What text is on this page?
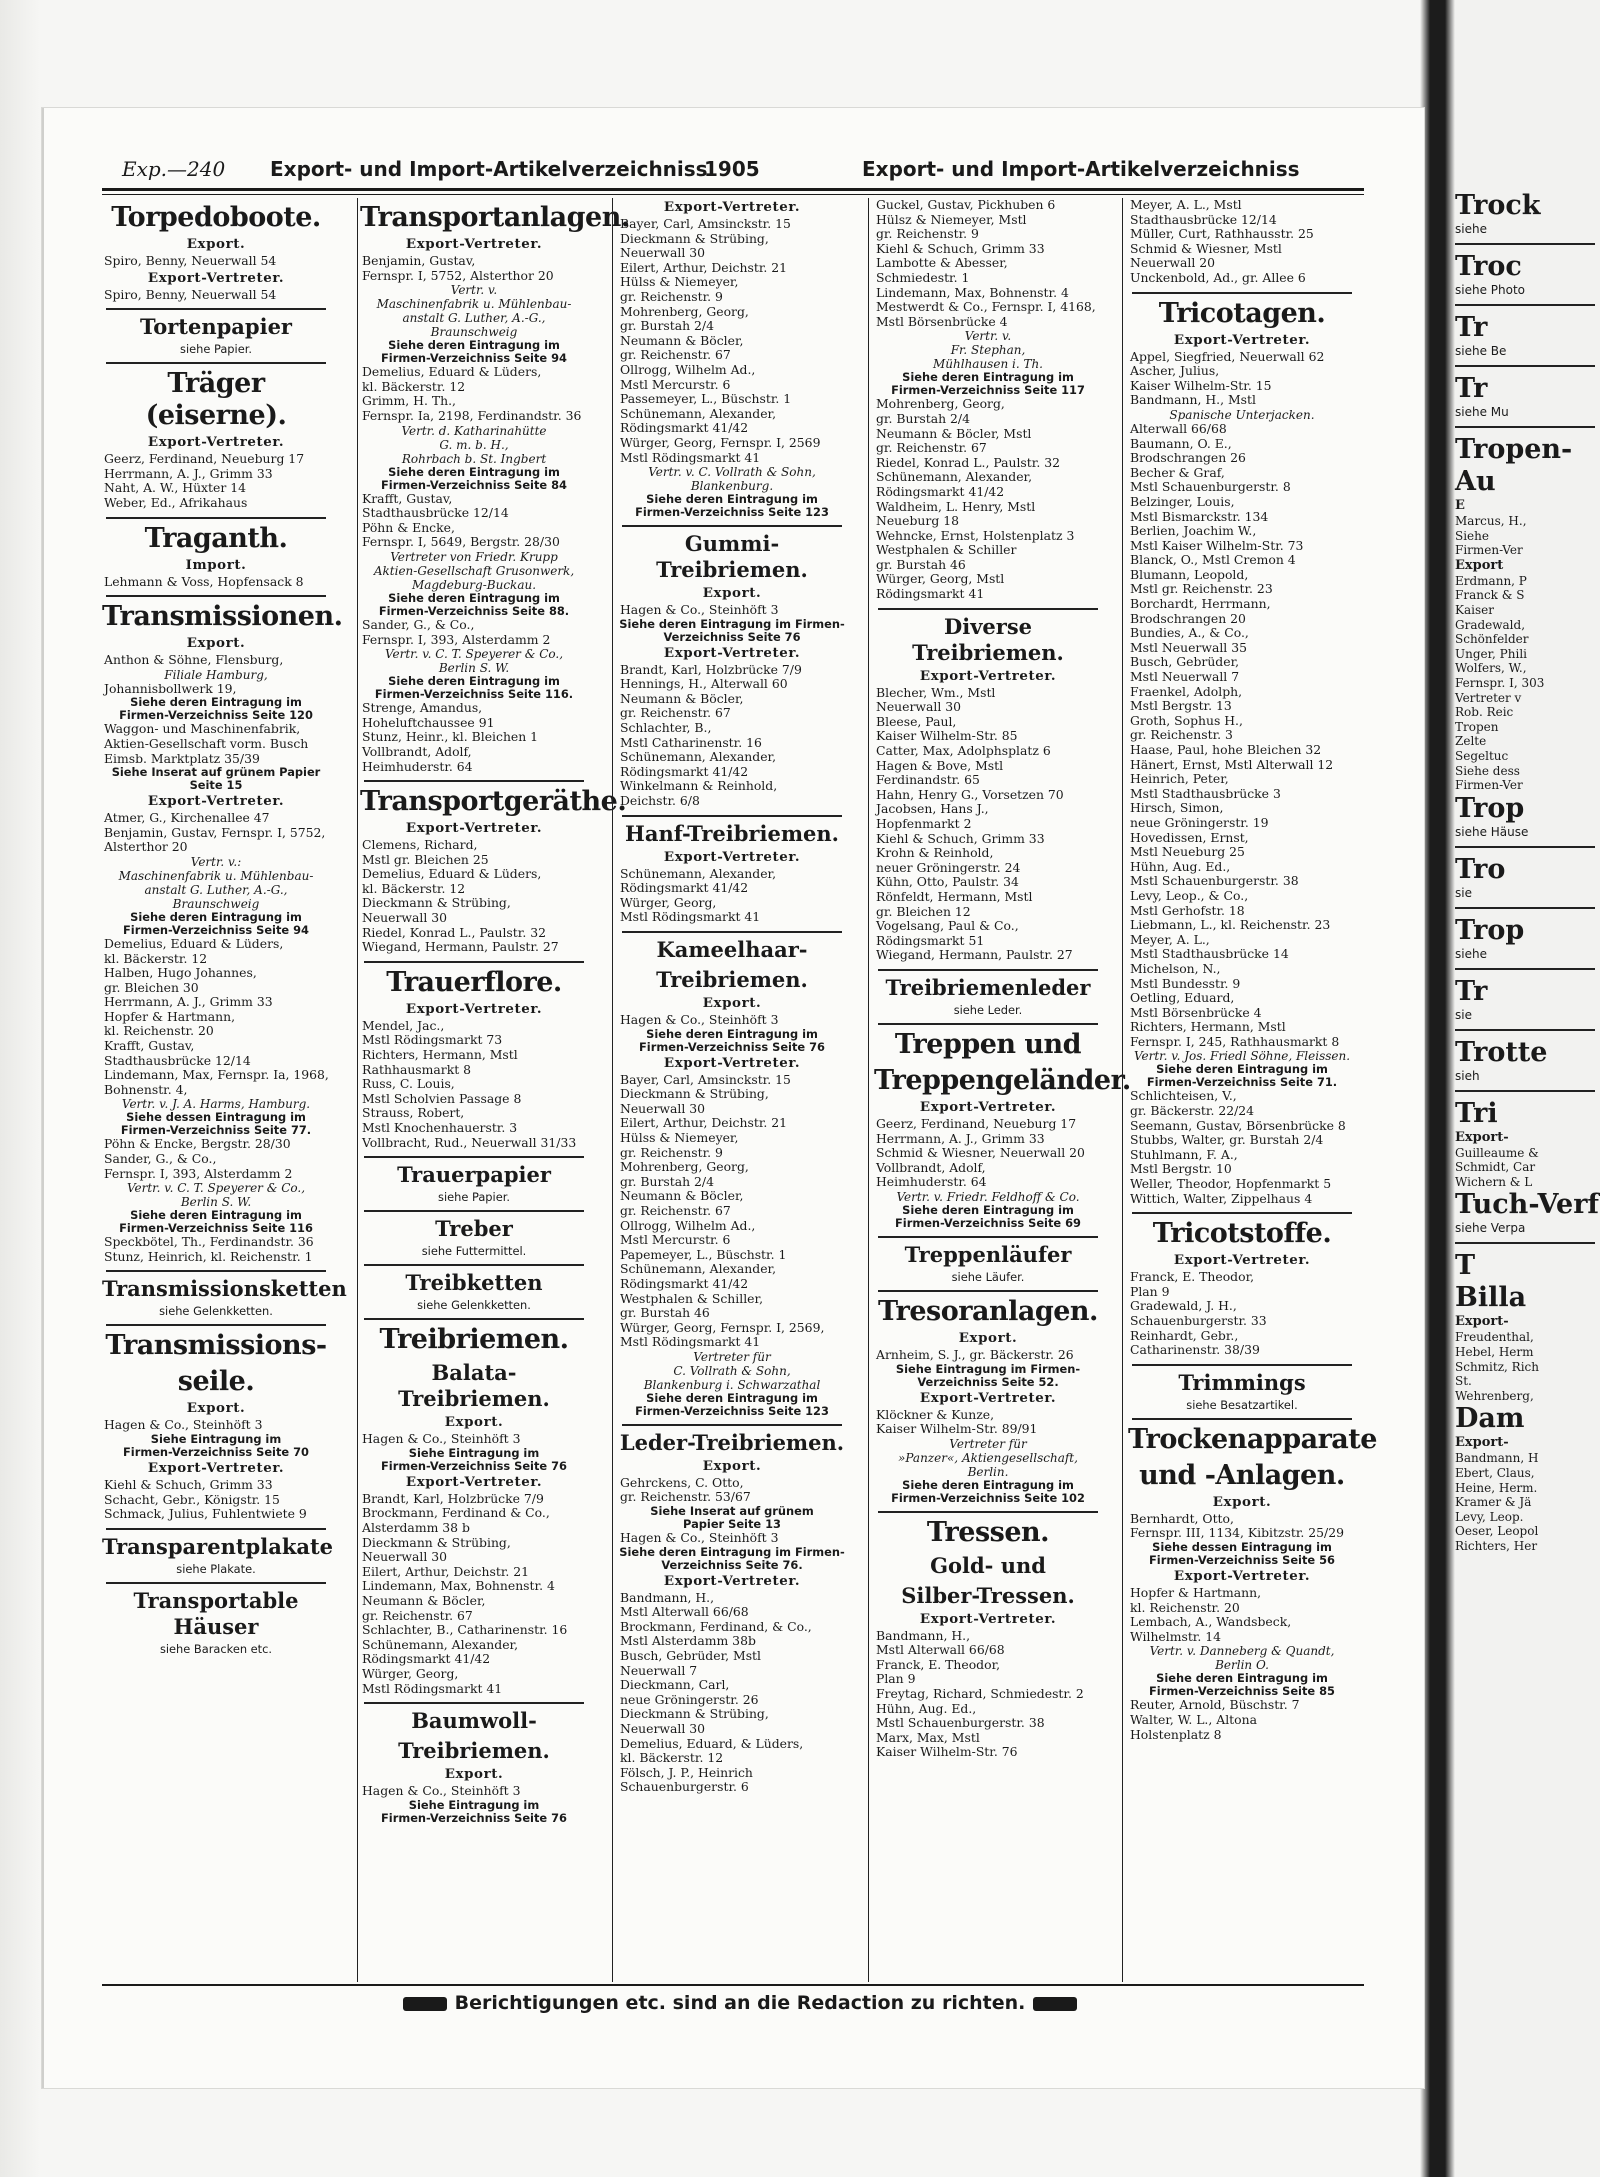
Exp.—240 Export- und Import-Artikelverzeichniss
1905	Export- und Import-Artikelverzeichniss
Torpedoboote.
Export.
Spiro, Benny, Neuerwall 54
Export-Vertreter.
Spiro, Benny, Neuerwall 54
Tortenpapier
siehe Papier.
Träger (eiserne).
Export-Vertreter.
Geerz, Ferdinand, Neueburg 17
Herrmann, A. J., Grimm 33
Naht, A. W., Hüxter 14
Weber, Ed., Afrikahaus
Traganth.
Import.
Lehmann & Voss, Hopfensack 8
Transmissionen.
Export.
Anthon & Söhne, Flensburg,
Filiale Hamburg,
Johannisbollwerk 19,
Siehe deren Eintragung im
Firmen-Verzeichniss Seite 120
Waggon- und Maschinenfabrik,
Aktien-Gesellschaft vorm. Busch
Eimsb. Marktplatz 35/39
Siehe Inserat auf grünem Papier
Seite 15
Export-Vertreter.
Atmer, G., Kirchenallee 47
Benjamin, Gustav, Fernspr. I, 5752,
Alsterthor 20
Vertr. v.:
Maschinenfabrik u. Mühlenbau-
anstalt G. Luther, A.-G.,
Braunschweig
Siehe deren Eintragung im
Firmen-Verzeichniss Seite 94
Demelius, Eduard & Lüders,
kl. Bäckerstr. 12
Halben, Hugo Johannes,
gr. Bleichen 30
Herrmann, A. J., Grimm 33
Hopfer & Hartmann,
kl. Reichenstr. 20
Krafft, Gustav,
Stadthausbrücke 12/14
Lindemann, Max, Fernspr. Ia, 1968,
Bohnenstr. 4,
Vertr. v. J. A. Harms, Hamburg.
Siehe dessen Eintragung im
Firmen-Verzeichniss Seite 77.
Pöhn & Encke, Bergstr. 28/30
Sander, G., & Co.,
Fernspr. I, 393, Alsterdamm 2
Vertr. v. C. T. Speyerer & Co.,
Berlin S. W.
Siehe deren Eintragung im
Firmen-Verzeichniss Seite 116
Speckbötel, Th., Ferdinandstr. 36
Stunz, Heinrich, kl. Reichenstr. 1
Transmissionsketten
siehe Gelenkketten.
Transmissions-
seile.
Export.
Hagen & Co., Steinhöft 3
Siehe Eintragung im
Firmen-Verzeichniss Seite 70
Export-Vertreter.
Kiehl & Schuch, Grimm 33
Schacht, Gebr., Königstr. 15
Schmack, Julius, Fuhlentwiete 9
Transparentplakate
siehe Plakate.
Transportable Häuser
siehe Baracken etc.
Transportanlagen.
Export-Vertreter.
Benjamin, Gustav,
Fernspr. I, 5752, Alsterthor 20
Vertr. v.
Maschinenfabrik u. Mühlenbau-
anstalt G. Luther, A.-G.,
Braunschweig
Siehe deren Eintragung im
Firmen-Verzeichniss Seite 94
Demelius, Eduard & Lüders,
kl. Bäckerstr. 12
Grimm, H. Th.,
Fernspr. Ia, 2198, Ferdinandstr. 36
Vertr. d. Katharinahütte
G. m. b. H.,
Rohrbach b. St. Ingbert
Siehe deren Eintragung im
Firmen-Verzeichniss Seite 84
Krafft, Gustav,
Stadthausbrücke 12/14
Pöhn & Encke,
Fernspr. I, 5649, Bergstr. 28/30
Vertreter von Friedr. Krupp
Aktien-Gesellschaft Grusonwerk,
Magdeburg-Buckau.
Siehe deren Eintragung im
Firmen-Verzeichniss Seite 88.
Sander, G., & Co.,
Fernspr. I, 393, Alsterdamm 2
Vertr. v. C. T. Speyerer & Co.,
Berlin S. W.
Siehe deren Eintragung im
Firmen-Verzeichniss Seite 116.
Strenge, Amandus,
Hoheluftchaussee 91
Stunz, Heinr., kl. Bleichen 1
Vollbrandt, Adolf,
Heimhuderstr. 64
Transportgeräthe.
Export-Vertreter.
Clemens, Richard,
Mstl gr. Bleichen 25
Demelius, Eduard & Lüders,
kl. Bäckerstr. 12
Dieckmann & Strübing,
Neuerwall 30
Riedel, Konrad L., Paulstr. 32
Wiegand, Hermann, Paulstr. 27
Trauerflore.
Export-Vertreter.
Mendel, Jac.,
Mstl Rödingsmarkt 73
Richters, Hermann, Mstl
Rathhausmarkt 8
Russ, C. Louis,
Mstl Scholvien Passage 8
Strauss, Robert,
Mstl Knochenhauerstr. 3
Vollbracht, Rud., Neuerwall 31/33
Trauerpapier
siehe Papier.
Treber
siehe Futtermittel.
Treibketten
siehe Gelenkketten.
Treibriemen.
Balata-Treibriemen.
Export.
Hagen & Co., Steinhöft 3
Siehe Eintragung im
Firmen-Verzeichniss Seite 76
Export-Vertreter.
Brandt, Karl, Holzbrücke 7/9
Brockmann, Ferdinand & Co.,
Alsterdamm 38 b
Dieckmann & Strübing,
Neuerwall 30
Eilert, Arthur, Deichstr. 21
Lindemann, Max, Bohnenstr. 4
Neumann & Böcler,
gr. Reichenstr. 67
Schlachter, B., Catharinenstr. 16
Schünemann, Alexander,
Rödingsmarkt 41/42
Würger, Georg,
Mstl Rödingsmarkt 41
Baumwoll-
Treibriemen.
Export.
Hagen & Co., Steinhöft 3
Siehe Eintragung im
Firmen-Verzeichniss Seite 76
Export-Vertreter.
Bayer, Carl, Amsinckstr. 15
Dieckmann & Strübing,
Neuerwall 30
Eilert, Arthur, Deichstr. 21
Hülss & Niemeyer,
gr. Reichenstr. 9
Mohrenberg, Georg,
gr. Burstah 2/4
Neumann & Böcler,
gr. Reichenstr. 67
Ollrogg, Wilhelm Ad.,
Mstl Mercurstr. 6
Passemeyer, L., Büschstr. 1
Schünemann, Alexander,
Rödingsmarkt 41/42
Würger, Georg, Fernspr. I, 2569
Mstl Rödingsmarkt 41
Vertr. v. C. Vollrath & Sohn,
Blankenburg.
Siehe deren Eintragung im
Firmen-Verzeichniss Seite 123
Gummi-Treibriemen.
Export.
Hagen & Co., Steinhöft 3
Siehe deren Eintragung im Firmen-
Verzeichniss Seite 76
Export-Vertreter.
Brandt, Karl, Holzbrücke 7/9
Hennings, H., Alterwall 60
Neumann & Böcler,
gr. Reichenstr. 67
Schlachter, B.,
Mstl Catharinenstr. 16
Schünemann, Alexander,
Rödingsmarkt 41/42
Winkelmann & Reinhold,
Deichstr. 6/8
Hanf-Treibriemen.
Export-Vertreter.
Schünemann, Alexander,
Rödingsmarkt 41/42
Würger, Georg,
Mstl Rödingsmarkt 41
Kameelhaar-
Treibriemen.
Export.
Hagen & Co., Steinhöft 3
Siehe deren Eintragung im
Firmen-Verzeichniss Seite 76
Export-Vertreter.
Bayer, Carl, Amsinckstr. 15
Dieckmann & Strübing,
Neuerwall 30
Eilert, Arthur, Deichstr. 21
Hülss & Niemeyer,
gr. Reichenstr. 9
Mohrenberg, Georg,
gr. Burstah 2/4
Neumann & Böcler,
gr. Reichenstr. 67
Ollrogg, Wilhelm Ad.,
Mstl Mercurstr. 6
Papemeyer, L., Büschstr. 1
Schünemann, Alexander,
Rödingsmarkt 41/42
Westphalen & Schiller,
gr. Burstah 46
Würger, Georg, Fernspr. I, 2569,
Mstl Rödingsmarkt 41
Vertreter für
C. Vollrath & Sohn,
Blankenburg i. Schwarzathal
Siehe deren Eintragung im
Firmen-Verzeichniss Seite 123
Leder-Treibriemen.
Export.
Gehrckens, C. Otto,
gr. Reichenstr. 53/67
Siehe Inserat auf grünem
Papier Seite 13
Hagen & Co., Steinhöft 3
Siehe deren Eintragung im Firmen-
Verzeichniss Seite 76.
Export-Vertreter.
Bandmann, H.,
Mstl Alterwall 66/68
Brockmann, Ferdinand, & Co.,
Mstl Alsterdamm 38b
Busch, Gebrüder, Mstl
Neuerwall 7
Dieckmann, Carl,
neue Gröningerstr. 26
Dieckmann & Strübing,
Neuerwall 30
Demelius, Eduard, & Lüders,
kl. Bäckerstr. 12
Fölsch, J. P., Heinrich
Schauenburgerstr. 6
Guckel, Gustav, Pickhuben 6
Hülsz & Niemeyer, Mstl
gr. Reichenstr. 9
Kiehl & Schuch, Grimm 33
Lambotte & Abesser,
Schmiedestr. 1
Lindemann, Max, Bohnenstr. 4
Mestwerdt & Co., Fernspr. I, 4168,
Mstl Börsenbrücke 4
Vertr. v.
Fr. Stephan,
Mühlhausen i. Th.
Siehe deren Eintragung im
Firmen-Verzeichniss Seite 117
Mohrenberg, Georg,
gr. Burstah 2/4
Neumann & Böcler, Mstl
gr. Reichenstr. 67
Riedel, Konrad L., Paulstr. 32
Schünemann, Alexander,
Rödingsmarkt 41/42
Waldheim, L. Henry, Mstl
Neueburg 18
Wehncke, Ernst, Holstenplatz 3
Westphalen & Schiller
gr. Burstah 46
Würger, Georg, Mstl
Rödingsmarkt 41
Diverse Treibriemen.
Export-Vertreter.
Blecher, Wm., Mstl
Neuerwall 30
Bleese, Paul,
Kaiser Wilhelm-Str. 85
Catter, Max, Adolphsplatz 6
Hagen & Bove, Mstl
Ferdinandstr. 65
Hahn, Henry G., Vorsetzen 70
Jacobsen, Hans J.,
Hopfenmarkt 2
Kiehl & Schuch, Grimm 33
Krohn & Reinhold,
neuer Gröningerstr. 24
Kühn, Otto, Paulstr. 34
Rönfeldt, Hermann, Mstl
gr. Bleichen 12
Vogelsang, Paul & Co.,
Rödingsmarkt 51
Wiegand, Hermann, Paulstr. 27
Treibriemenleder
siehe Leder.
Treppen und
Treppengeländer.
Export-Vertreter.
Geerz, Ferdinand, Neueburg 17
Herrmann, A. J., Grimm 33
Schmid & Wiesner, Neuerwall 20
Vollbrandt, Adolf,
Heimhuderstr. 64
Vertr. v. Friedr. Feldhoff & Co.
Siehe deren Eintragung im
Firmen-Verzeichniss Seite 69
Treppenläufer
siehe Läufer.
Tresoranlagen.
Export.
Arnheim, S. J., gr. Bäckerstr. 26
Siehe Eintragung im Firmen-
Verzeichniss Seite 52.
Export-Vertreter.
Klöckner & Kunze,
Kaiser Wilhelm-Str. 89/91
Vertreter für
»Panzer«, Aktiengesellschaft,
Berlin.
Siehe deren Eintragung im
Firmen-Verzeichniss Seite 102
Tressen.
Gold- und
Silber-Tressen.
Export-Vertreter.
Bandmann, H.,
Mstl Alterwall 66/68
Franck, E. Theodor,
Plan 9
Freytag, Richard, Schmiedestr. 2
Hühn, Aug. Ed.,
Mstl Schauenburgerstr. 38
Marx, Max, Mstl
Kaiser Wilhelm-Str. 76
Meyer, A. L., Mstl
Stadthausbrücke 12/14
Müller, Curt, Rathhausstr. 25
Schmid & Wiesner, Mstl
Neuerwall 20
Unckenbold, Ad., gr. Allee 6
Tricotagen.
Export-Vertreter.
Appel, Siegfried, Neuerwall 62
Ascher, Julius,
Kaiser Wilhelm-Str. 15
Bandmann, H., Mstl
Spanische Unterjacken.
Alterwall 66/68
Baumann, O. E.,
Brodschrangen 26
Becher & Graf,
Mstl Schauenburgerstr. 8
Belzinger, Louis,
Mstl Bismarckstr. 134
Berlien, Joachim W.,
Mstl Kaiser Wilhelm-Str. 73
Blanck, O., Mstl Cremon 4
Blumann, Leopold,
Mstl gr. Reichenstr. 23
Borchardt, Herrmann,
Brodschrangen 20
Bundies, A., & Co.,
Mstl Neuerwall 35
Busch, Gebrüder,
Mstl Neuerwall 7
Fraenkel, Adolph,
Mstl Bergstr. 13
Groth, Sophus H.,
gr. Reichenstr. 3
Haase, Paul, hohe Bleichen 32
Hänert, Ernst, Mstl Alterwall 12
Heinrich, Peter,
Mstl Stadthausbrücke 3
Hirsch, Simon,
neue Gröningerstr. 19
Hovedissen, Ernst,
Mstl Neueburg 25
Hühn, Aug. Ed.,
Mstl Schauenburgerstr. 38
Levy, Leop., & Co.,
Mstl Gerhofstr. 18
Liebmann, L., kl. Reichenstr. 23
Meyer, A. L.,
Mstl Stadthausbrücke 14
Michelson, N.,
Mstl Bundesstr. 9
Oetling, Eduard,
Mstl Börsenbrücke 4
Richters, Hermann, Mstl
Fernspr. I, 245, Rathhausmarkt 8
Vertr. v. Jos. Friedl Söhne, Fleissen.
Siehe deren Eintragung im
Firmen-Verzeichniss Seite 71.
Schlichteisen, V.,
gr. Bäckerstr. 22/24
Seemann, Gustav, Börsenbrücke 8
Stubbs, Walter, gr. Burstah 2/4
Stuhlmann, F. A.,
Mstl Bergstr. 10
Weller, Theodor, Hopfenmarkt 5
Wittich, Walter, Zippelhaus 4
Tricotstoffe.
Export-Vertreter.
Franck, E. Theodor,
Plan 9
Gradewald, J. H.,
Schauenburgerstr. 33
Reinhardt, Gebr.,
Catharinenstr. 38/39
Trimmings
siehe Besatzartikel.
Trockenapparate
und -Anlagen.
Export.
Bernhardt, Otto,
Fernspr. III, 1134, Kibitzstr. 25/29
Siehe dessen Eintragung im
Firmen-Verzeichniss Seite 56
Export-Vertreter.
Hopfer & Hartmann,
kl. Reichenstr. 20
Lembach, A., Wandsbeck,
Wilhelmstr. 14
Vertr. v. Danneberg & Quandt,
Berlin O.
Siehe deren Eintragung im
Firmen-Verzeichniss Seite 85
Reuter, Arnold, Büschstr. 7
Walter, W. L., Altona
Holstenplatz 8
Berichtigungen etc. sind an die Redaction zu richten.
Trock
siehe
Troc
siehe Photo
Tr
siehe Be
Tr
siehe Mu
Tropen-
Au
E
Marcus, H.,
Siehe
Firmen-Ver
Export
Erdmann, P
Franck & S
Kaiser
Gradewald,
Schönfelder
Unger, Phili
Wolfers, W.,
Fernspr. I, 303
Vertreter v
Rob. Reic
Tropen
Zelte
Segeltuc
Siehe dess
Firmen-Ver
Trop
siehe Häuse
Tro
sie
Trop
siehe
Tr
sie
Trotte
sieh
Tri
Export-
Guilleaume &
Schmidt, Car
Wichern & L
Tuch-Verf
siehe Verpa
T
Billa
Export-
Freudenthal,
Hebel, Herm
Schmitz, Rich
St.
Wehrenberg,
Dam
Export-
Bandmann, H
Ebert, Claus,
Heine, Herm.
Kramer & Jä
Levy, Leop.
Oeser, Leopol
Richters, Her
